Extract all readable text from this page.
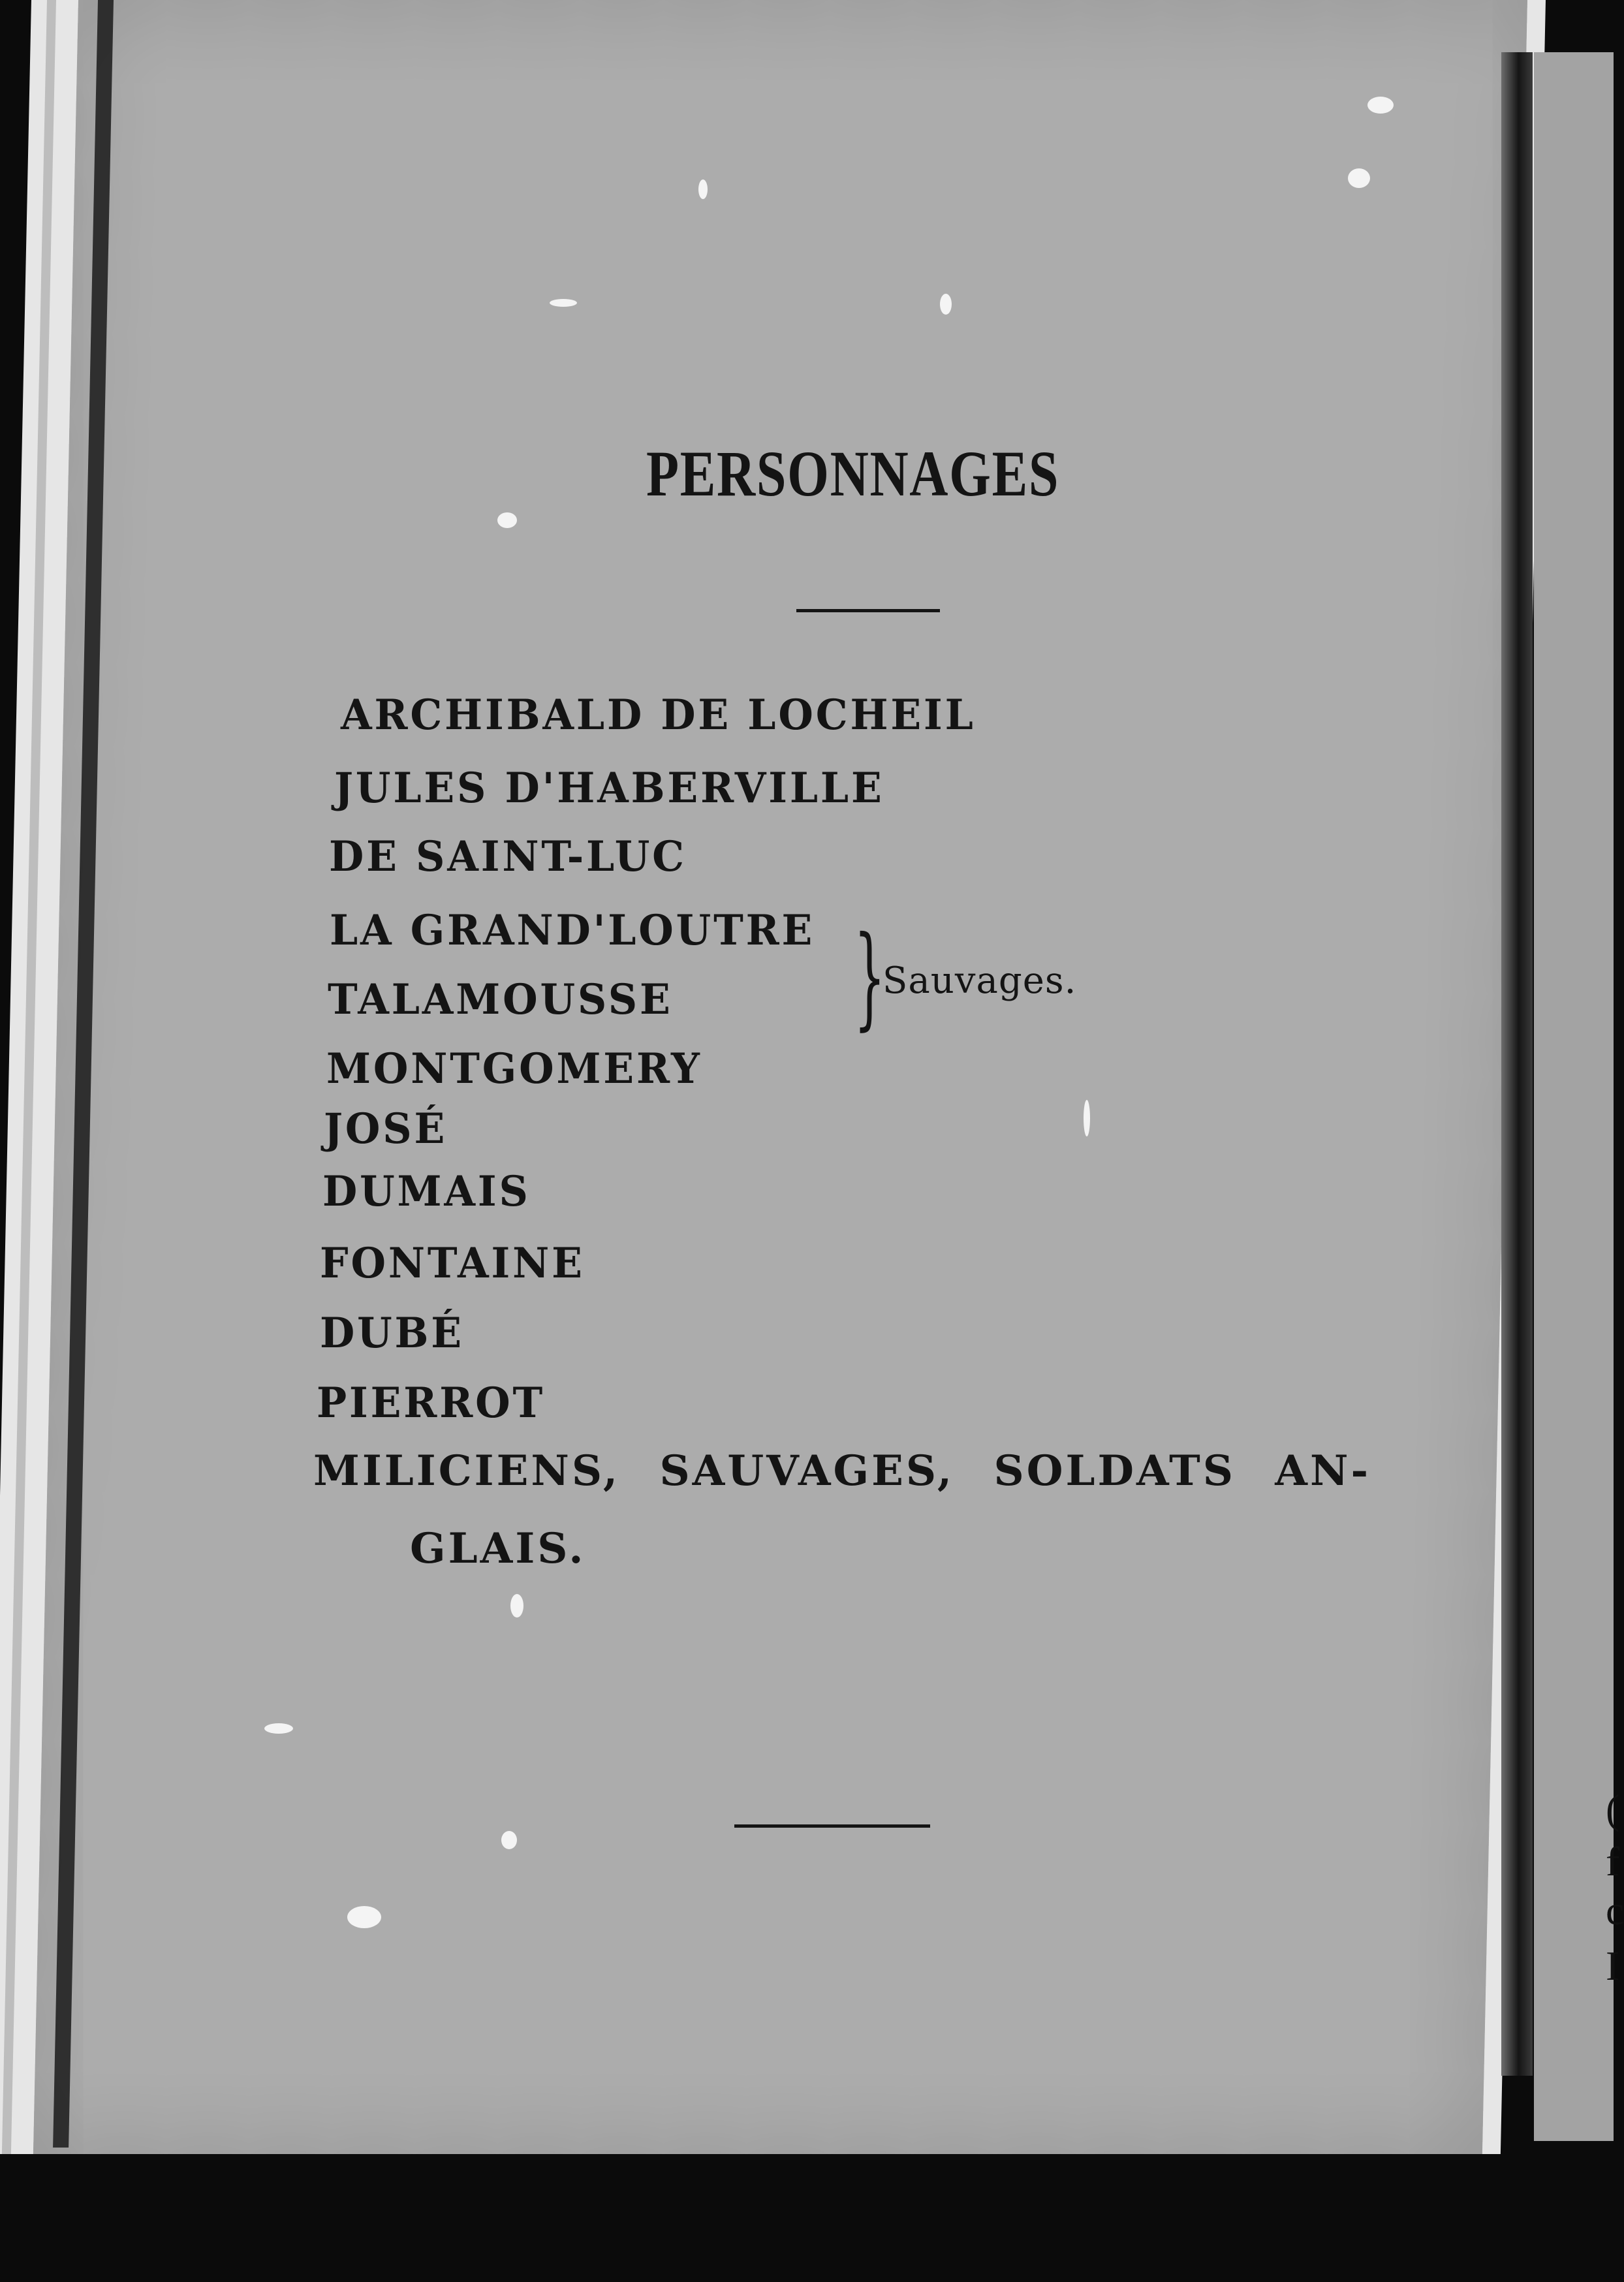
(
f
c
I
PERSONNAGES

ARCHIBALD DE LOCHEIL

JULES D'HABERVILLE

DE SAINT-LUC

LA GRAND'LOUTRE

TALAMOUSSE

MONTGOMERY

JOSÉ

DUMAIS

FONTAINE

DUBÉ

PIERROT

}
Sauvages.

MILICIENS, SAUVAGES, SOLDATS AN-

GLAIS.
